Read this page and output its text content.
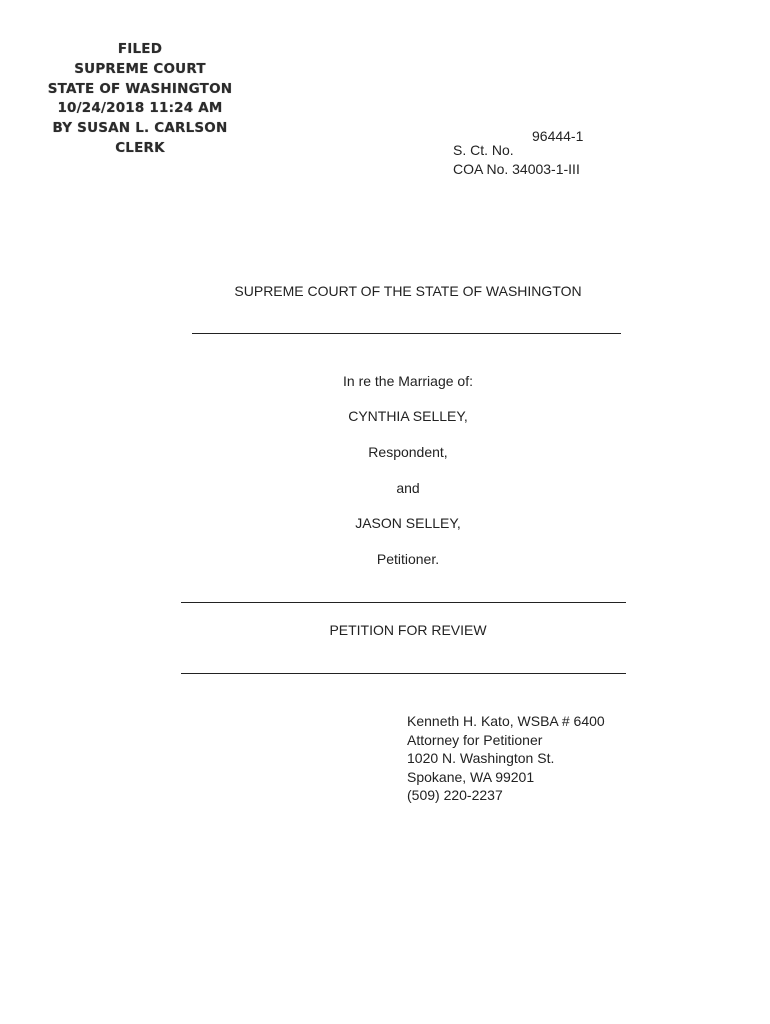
FILED
SUPREME COURT
STATE OF WASHINGTON
10/24/2018 11:24 AM
BY SUSAN L. CARLSON
CLERK
96444-1
S. Ct. No.
COA No. 34003-1-III
SUPREME COURT OF THE STATE OF WASHINGTON
In re the Marriage of:
CYNTHIA SELLEY,
Respondent,
and
JASON SELLEY,
Petitioner.
PETITION FOR REVIEW
Kenneth H. Kato, WSBA # 6400
Attorney for Petitioner
1020 N. Washington St.
Spokane, WA 99201
(509) 220-2237
